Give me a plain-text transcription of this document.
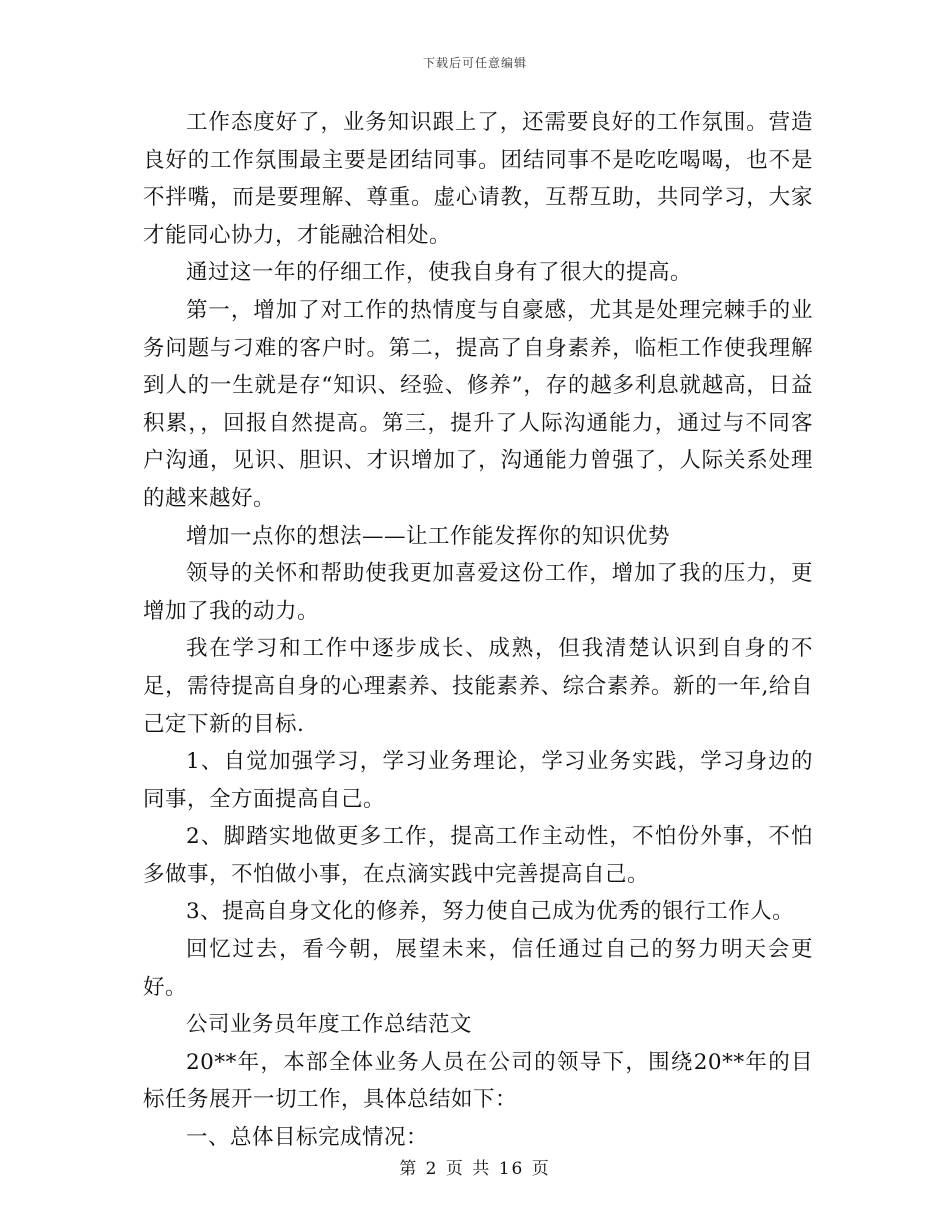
下载后可任意编辑

工作态度好了，业务知识跟上了，还需要良好的工作氛围。营造良好的工作氛围最主要是团结同事。团结同事不是吃吃喝喝，也不是不拌嘴，而是要理解、尊重。虚心请教，互帮互助，共同学习，大家才能同心协力，才能融洽相处。

通过这一年的仔细工作，使我自身有了很大的提高。

第一，增加了对工作的热情度与自豪感，尤其是处理完棘手的业务问题与刁难的客户时。第二，提高了自身素养，临柜工作使我理解到人的一生就是存“知识、经验、修养”，存的越多利息就越高，日益积累，，回报自然提高。第三，提升了人际沟通能力，通过与不同客户沟通，见识、胆识、才识增加了，沟通能力曾强了，人际关系处理的越来越好。

增加一点你的想法——让工作能发挥你的知识优势

领导的关怀和帮助使我更加喜爱这份工作，增加了我的压力，更增加了我的动力。

我在学习和工作中逐步成长、成熟，但我清楚认识到自身的不足，需待提高自身的心理素养、技能素养、综合素养。新的一年,给自己定下新的目标.

1、自觉加强学习，学习业务理论，学习业务实践，学习身边的同事，全方面提高自己。

2、脚踏实地做更多工作，提高工作主动性，不怕份外事，不怕多做事，不怕做小事，在点滴实践中完善提高自己。

3、提高自身文化的修养，努力使自己成为优秀的银行工作人。

回忆过去，看今朝，展望未来，信任通过自己的努力明天会更好。

公司业务员年度工作总结范文

20**年，本部全体业务人员在公司的领导下，围绕20**年的目标任务展开一切工作，具体总结如下：

一、总体目标完成情况：

第 2 页 共 16 页
